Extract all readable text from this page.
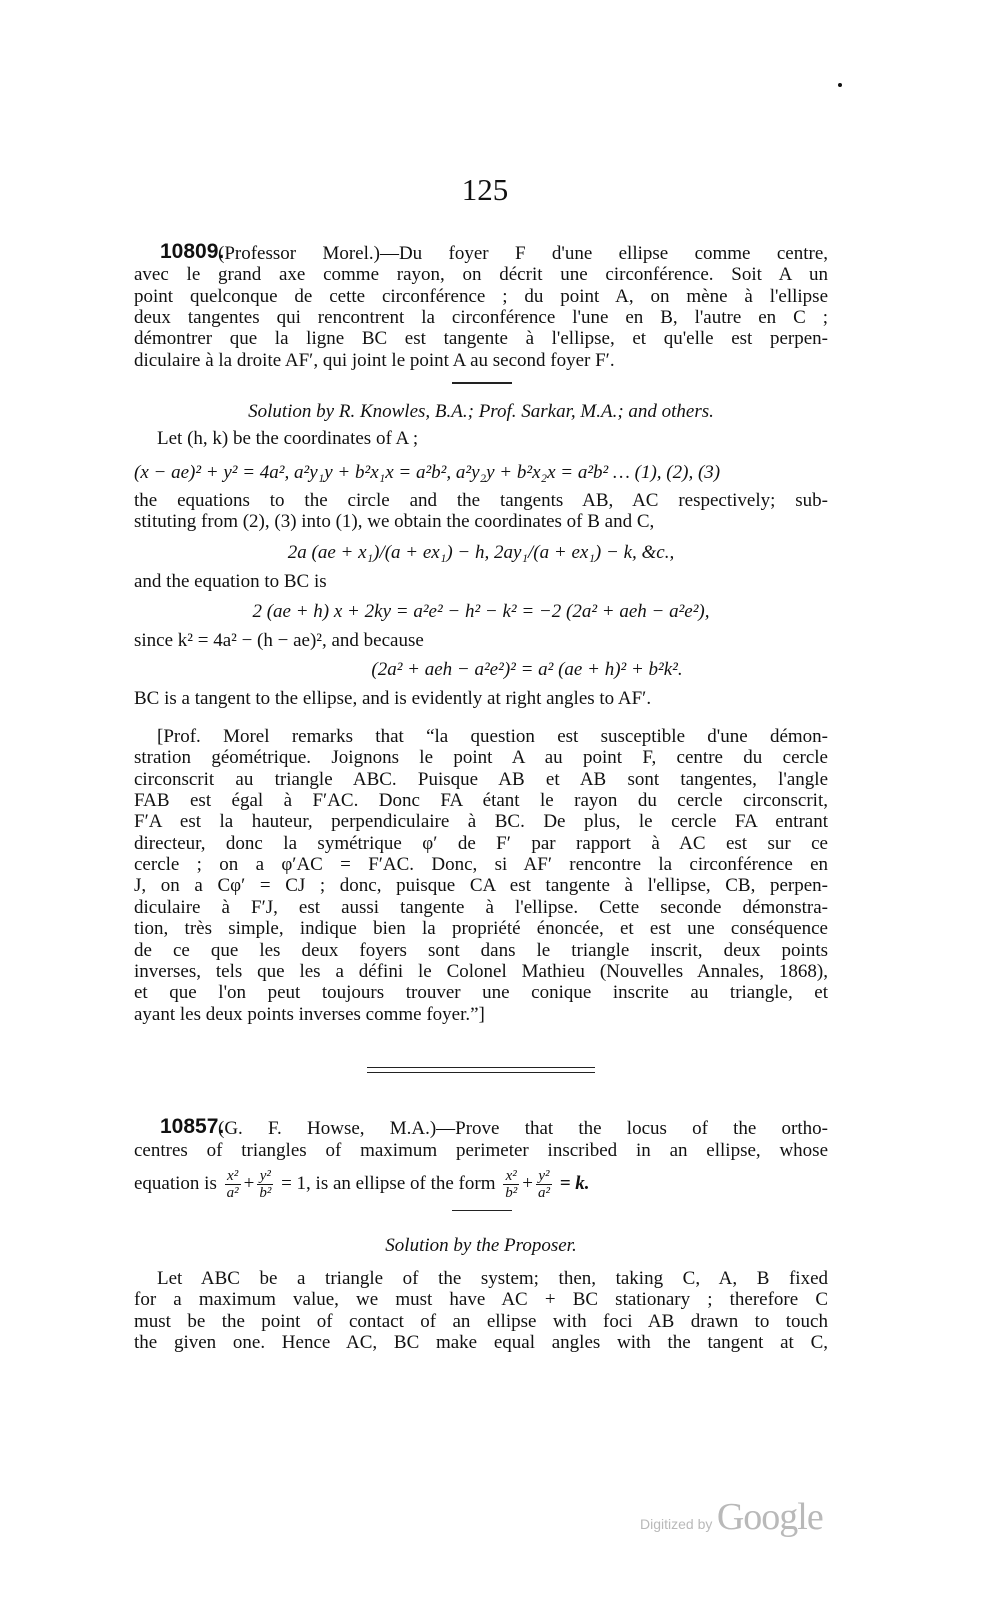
125
(Professor Morel.)—Du foyer F d'une ellipse comme centre,
avec le grand axe comme rayon, on décrit une circonférence. Soit A un
point quelconque de cette circonférence ; du point A, on mène à l'ellipse
deux tangentes qui rencontrent la circonférence l'une en B, l'autre en C ;
démontrer que la ligne BC est tangente à l'ellipse, et qu'elle est perpen-
diculaire à la droite AF′, qui joint le point A au second foyer F′.
Solution by R. Knowles, B.A.; Prof. Sarkar, M.A.; and others.
Let (h, k) be the coordinates of A ;
(x − ae)² + y² = 4a², a²y₁y + b²x₁x = a²b², a²y₂y + b²x₂x = a²b² … (1), (2), (3)
the equations to the circle and the tangents AB, AC respectively; sub-
stituting from (2), (3) into (1), we obtain the coordinates of B and C,
2a (ae + x₁)/(a + ex₁) − h, 2ay₁/(a + ex₁) − k, &c.,
and the equation to BC is
2 (ae + h) x + 2ky = a²e² − h² − k² = −2 (2a² + aeh − a²e²),
since k² = 4a² − (h − ae)², and because
(2a² + aeh − a²e²)² = a² (ae + h)² + b²k².
BC is a tangent to the ellipse, and is evidently at right angles to AF′.
[Prof. Morel remarks that “la question est susceptible d'une démon-
stration géométrique. Joignons le point A au point F, centre du cercle
circonscrit au triangle ABC. Puisque AB et AB sont tangentes, l'angle
FAB est égal à F′AC. Donc FA étant le rayon du cercle circonscrit,
F′A est la hauteur, perpendiculaire à BC. De plus, le cercle FA entrant
directeur, donc la symétrique φ′ de F′ par rapport à AC est sur ce
cercle ; on a φ′AC = F′AC. Donc, si AF′ rencontre la circonférence en
J, on a Cφ′ = CJ ; donc, puisque CA est tangente à l'ellipse, CB, perpen-
diculaire à F′J, est aussi tangente à l'ellipse. Cette seconde démonstra-
tion, très simple, indique bien la propriété énoncée, et est une conséquence
de ce que les deux foyers sont dans le triangle inscrit, deux points
inverses, tels que les a défini le Colonel Mathieu (Nouvelles Annales, 1868),
et que l'on peut toujours trouver une conique inscrite au triangle, et
ayant les deux points inverses comme foyer.”]
(G. F. Howse, M.A.)—Prove that the locus of the ortho-
centres of triangles of maximum perimeter inscribed in an ellipse, whose
Solution by the Proposer.
Let ABC be a triangle of the system; then, taking C, A, B fixed
for a maximum value, we must have AC + BC stationary ; therefore C
must be the point of contact of an ellipse with foci AB drawn to touch
the given one. Hence AC, BC make equal angles with the tangent at C,
10809.
10857.
equation is $\frac{\text{x²}}{\text{a²}} + \frac{\text{y²}}{\text{b²}} = 1$, is an ellipse of the form $\frac{\text{x²}}{\text{b²}} + \frac{\text{y²}}{\text{a²}} = k$.
Digitized by Google
